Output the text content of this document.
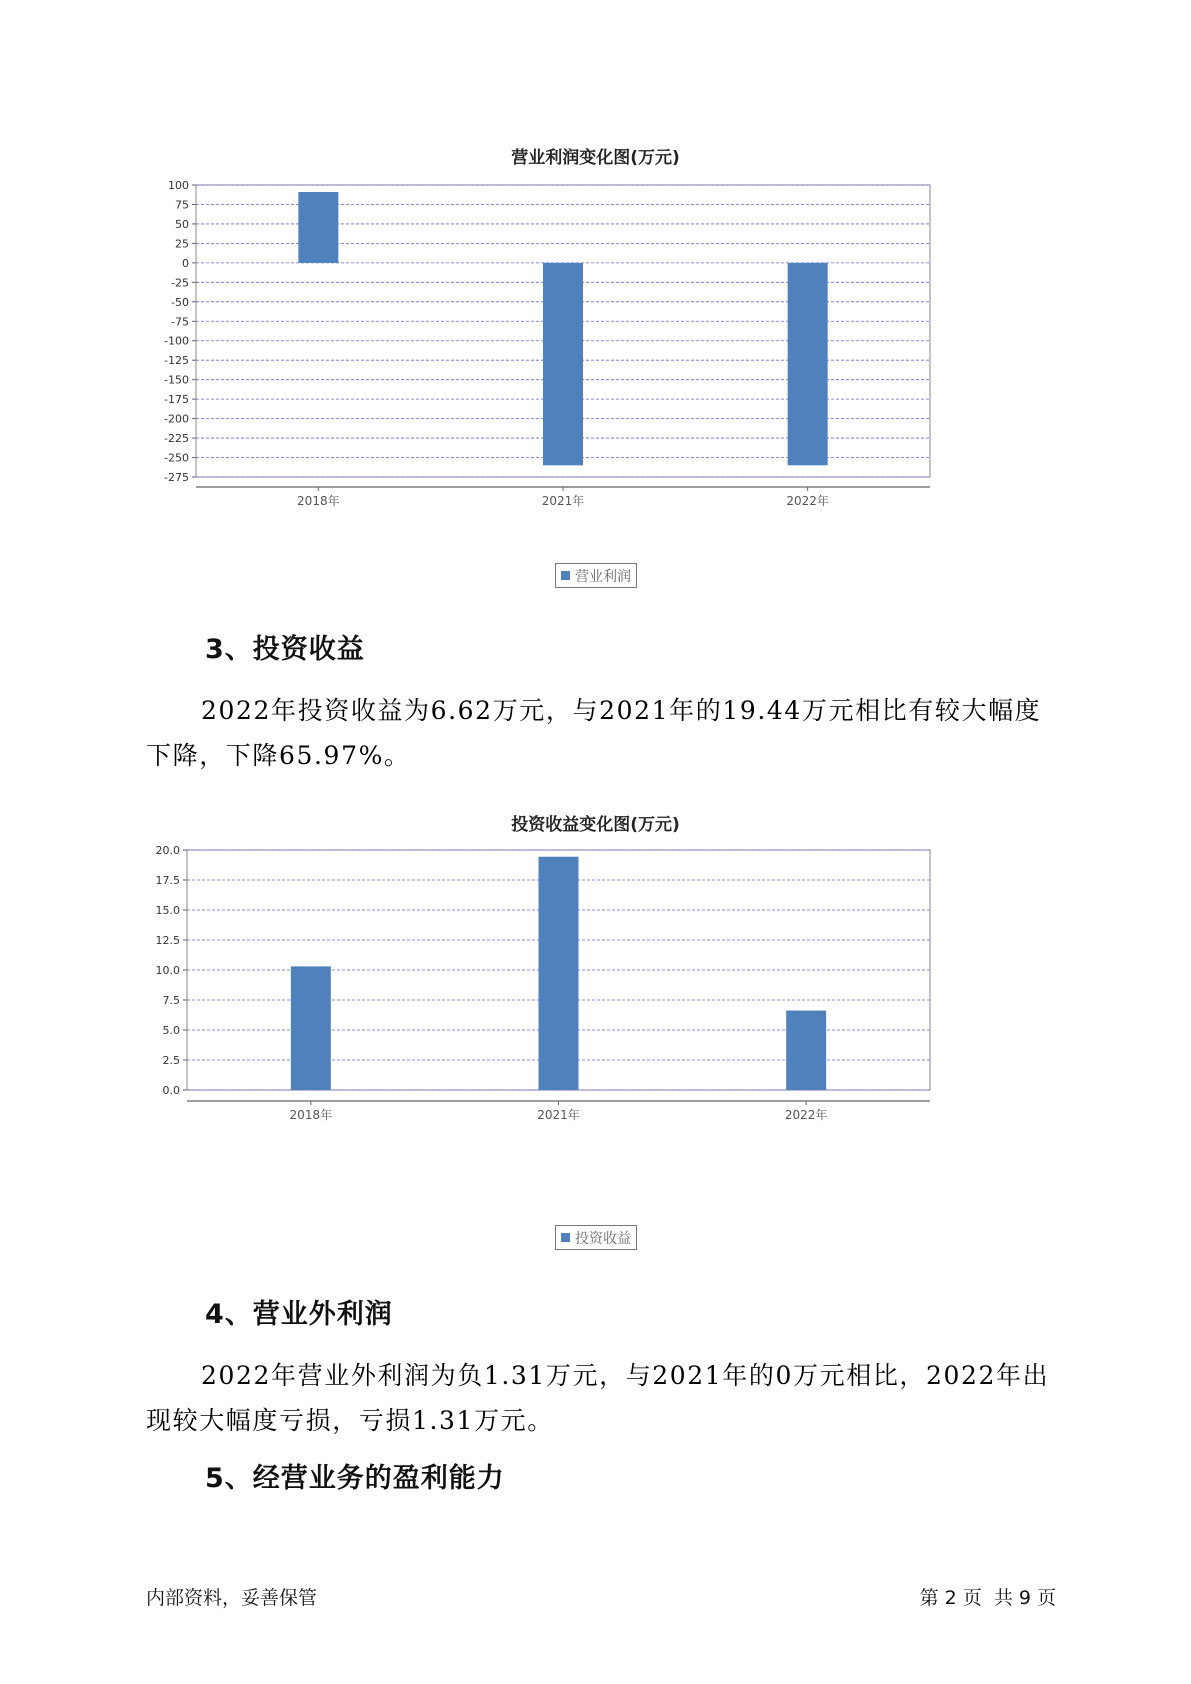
营业利润变化图(万元)
100
75
50
25
0
-25
-50
-75
-100
-125
-150
-175
-200
-225
-250
-275
2018年	2021年	2022年
营业利润
3、投资收益

2022年投资收益为6.62万元，与2021年的19.44万元相比有较大幅度下降，下降65.97%。

投资收益变化图(万元)
20.0
17.5
15.0
12.5
10.0
7.5
5.0
2.5
0.0
2018年	2021年	2022年
投资收益
4、营业外利润

2022年营业外利润为负1.31万元，与2021年的0万元相比，2022年出现较大幅度亏损，亏损1.31万元。

5、经营业务的盈利能力
内部资料，妥善保管	第 2 页  共 9 页
